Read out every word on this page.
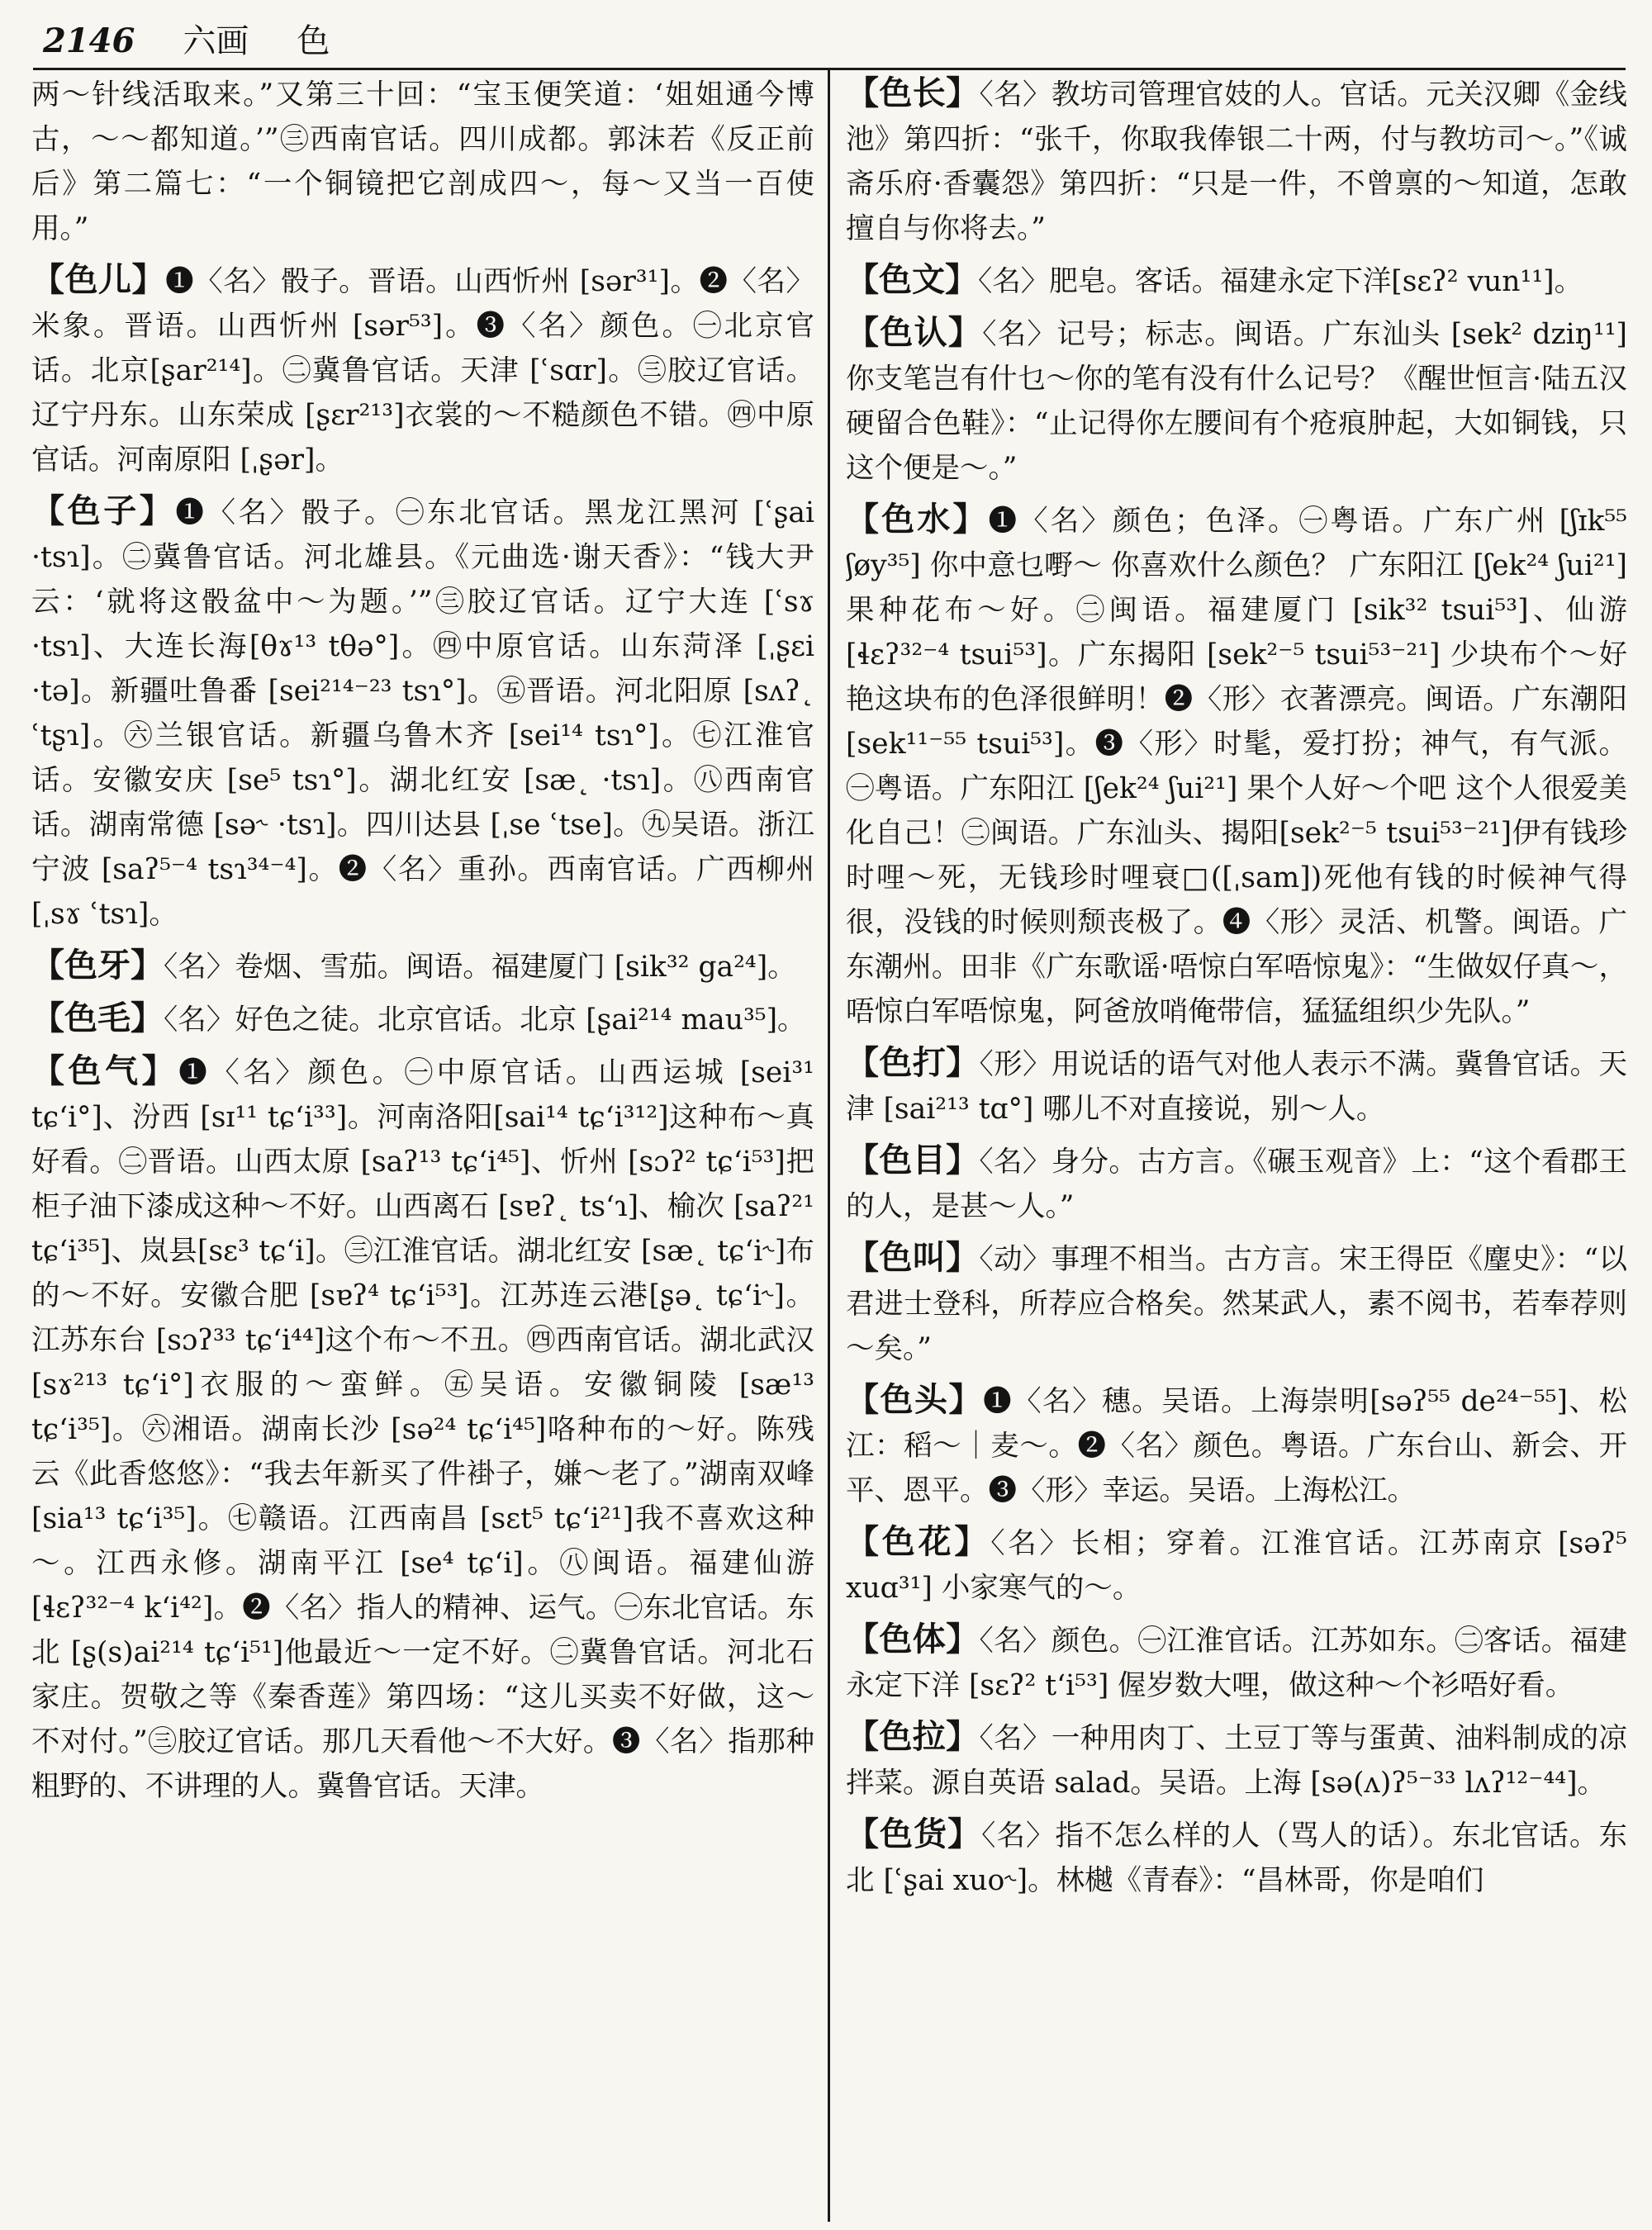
2146 六画 色

两～针线活取来。”又第三十回：“宝玉便笑道：‘姐姐通今博古，～～都知道。’”㊂西南官话。四川成都。郭沫若《反正前后》第二篇七：“一个铜镜把它剖成四～，每～又当一百使用。”

【色儿】❶〈名〉骰子。晋语。山西忻州 [sər³¹]。❷〈名〉米象。晋语。山西忻州 [sər⁵³]。❸〈名〉颜色。㊀北京官话。北京[ʂar²¹⁴]。㊁冀鲁官话。天津 [ʿsɑr]。㊂胶辽官话。辽宁丹东。山东荣成 [ʂɛr²¹³]衣裳的～不糙颜色不错。㊃中原官话。河南原阳 [ˌʂər]。

【色子】❶〈名〉骰子。㊀东北官话。黑龙江黑河 [ʿʂai ·tsɿ]。㊁冀鲁官话。河北雄县。《元曲选·谢天香》：“钱大尹云：‘就将这骰盆中～为题。’”㊂胶辽官话。辽宁大连 [ʿsɤ ·tsɿ]、大连长海[θɤ¹³ tθə°]。㊃中原官话。山东菏泽 [ˌʂɛi ·tə]。新疆吐鲁番 [sei²¹⁴⁻²³ tsɿ°]。㊄晋语。河北阳原 [sʌʔ˛ ʿtʂɿ]。㊅兰银官话。新疆乌鲁木齐 [sei¹⁴ tsɿ°]。㊆江淮官话。安徽安庆 [se⁵ tsɿ°]。湖北红安 [sæ˛ ·tsɿ]。㊇西南官话。湖南常德 [sə˞ ·tsɿ]。四川达县 [ˌse ʿtse]。㊈吴语。浙江宁波 [saʔ⁵⁻⁴ tsɿ³⁴⁻⁴]。❷〈名〉重孙。西南官话。广西柳州 [ˌsɤ ʿtsɿ]。

【色牙】〈名〉卷烟、雪茄。闽语。福建厦门 [sik³² ga²⁴]。

【色毛】〈名〉好色之徒。北京官话。北京 [ʂai²¹⁴ mau³⁵]。

【色气】❶〈名〉颜色。㊀中原官话。山西运城 [sei³¹ tɕʻi°]、汾西 [sɪ¹¹ tɕʻi³³]。河南洛阳[sai¹⁴ tɕʻi³¹²]这种布～真好看。㊁晋语。山西太原 [saʔ¹³ tɕʻi⁴⁵]、忻州 [sɔʔ² tɕʻi⁵³]把柜子油下漆成这种～不好。山西离石 [sɐʔ˛ tsʻɿ]、榆次 [saʔ²¹ tɕʻi³⁵]、岚县[sɛ³ tɕʻi]。㊂江淮官话。湖北红安 [sæ˛ tɕʻi˞]布的～不好。安徽合肥 [sɐʔ⁴ tɕʻi⁵³]。江苏连云港[ʂə˛ tɕʻi˞]。江苏东台 [sɔʔ³³ tɕʻi⁴⁴]这个布～不丑。㊃西南官话。湖北武汉 [sɤ²¹³ tɕʻi°]衣服的～蛮鲜。㊄吴语。安徽铜陵 [sæ¹³ tɕʻi³⁵]。㊅湘语。湖南长沙 [sə²⁴ tɕʻi⁴⁵]咯种布的～好。陈残云《此香悠悠》：“我去年新买了件褂子，嫌～老了。”湖南双峰[sia¹³ tɕʻi³⁵]。㊆赣语。江西南昌 [sɛt⁵ tɕʻi²¹]我不喜欢这种～。江西永修。湖南平江 [se⁴ tɕʻi]。㊇闽语。福建仙游 [ɬɛʔ³²⁻⁴ kʻi⁴²]。❷〈名〉指人的精神、运气。㊀东北官话。东北 [ʂ(s)ai²¹⁴ tɕʻi⁵¹]他最近～一定不好。㊁冀鲁官话。河北石家庄。贺敬之等《秦香莲》第四场：“这儿买卖不好做，这～不对付。”㊂胶辽官话。那几天看他～不大好。❸〈名〉指那种粗野的、不讲理的人。冀鲁官话。天津。

【色长】〈名〉教坊司管理官妓的人。官话。元关汉卿《金线池》第四折：“张千，你取我俸银二十两，付与教坊司～。”《诚斋乐府·香囊怨》第四折：“只是一件，不曾禀的～知道，怎敢擅自与你将去。”

【色文】〈名〉肥皂。客话。福建永定下洋[sɛʔ² vun¹¹]。

【色认】〈名〉记号；标志。闽语。广东汕头 [sek² dziŋ¹¹] 你支笔岂有什乜～你的笔有没有什么记号？《醒世恒言·陆五汉硬留合色鞋》：“止记得你左腰间有个疮痕肿起，大如铜钱，只这个便是～。”

【色水】❶〈名〉颜色；色泽。㊀粤语。广东广州 [ʃɪk⁵⁵ ʃøy³⁵] 你中意乜嘢～ 你喜欢什么颜色？ 广东阳江 [ʃek²⁴ ʃui²¹]果种花布～好。㊁闽语。福建厦门 [sik³² tsui⁵³]、仙游 [ɬɛʔ³²⁻⁴ tsui⁵³]。广东揭阳 [sek²⁻⁵ tsui⁵³⁻²¹] 少块布个～好艳这块布的色泽很鲜明！❷〈形〉衣著漂亮。闽语。广东潮阳 [sek¹¹⁻⁵⁵ tsui⁵³]。❸〈形〉时髦，爱打扮；神气，有气派。㊀粤语。广东阳江 [ʃek²⁴ ʃui²¹] 果个人好～个吧 这个人很爱美化自己！㊁闽语。广东汕头、揭阳[sek²⁻⁵ tsui⁵³⁻²¹]伊有钱珍时哩～死，无钱珍时哩衰□([ˌsam])死他有钱的时候神气得很，没钱的时候则颓丧极了。❹〈形〉灵活、机警。闽语。广东潮州。田非《广东歌谣·唔惊白军唔惊鬼》：“生做奴仔真～，唔惊白军唔惊鬼，阿爸放哨俺带信，猛猛组织少先队。”

【色打】〈形〉用说话的语气对他人表示不满。冀鲁官话。天津 [sai²¹³ tɑ°] 哪儿不对直接说，别～人。

【色目】〈名〉身分。古方言。《碾玉观音》上：“这个看郡王的人，是甚～人。”

【色叫】〈动〉事理不相当。古方言。宋王得臣《麈史》：“以君进士登科，所荐应合格矣。然某武人，素不阅书，若奉荐则～矣。”

【色头】❶〈名〉穗。吴语。上海崇明[səʔ⁵⁵ de²⁴⁻⁵⁵]、松江：稻～｜麦～。❷〈名〉颜色。粤语。广东台山、新会、开平、恩平。❸〈形〉幸运。吴语。上海松江。

【色花】〈名〉长相；穿着。江淮官话。江苏南京 [səʔ⁵ xuɑ³¹] 小家寒气的～。

【色体】〈名〉颜色。㊀江淮官话。江苏如东。㊁客话。福建永定下洋 [sɛʔ² tʻi⁵³] 偓岁数大哩，做这种～个衫唔好看。

【色拉】〈名〉一种用肉丁、土豆丁等与蛋黄、油料制成的凉拌菜。源自英语 salad。吴语。上海 [sə(ʌ)ʔ⁵⁻³³ lʌʔ¹²⁻⁴⁴]。

【色货】〈名〉指不怎么样的人（骂人的话）。东北官话。东北 [ʿʂai xuo˞]。林樾《青春》：“昌林哥，你是咱们
